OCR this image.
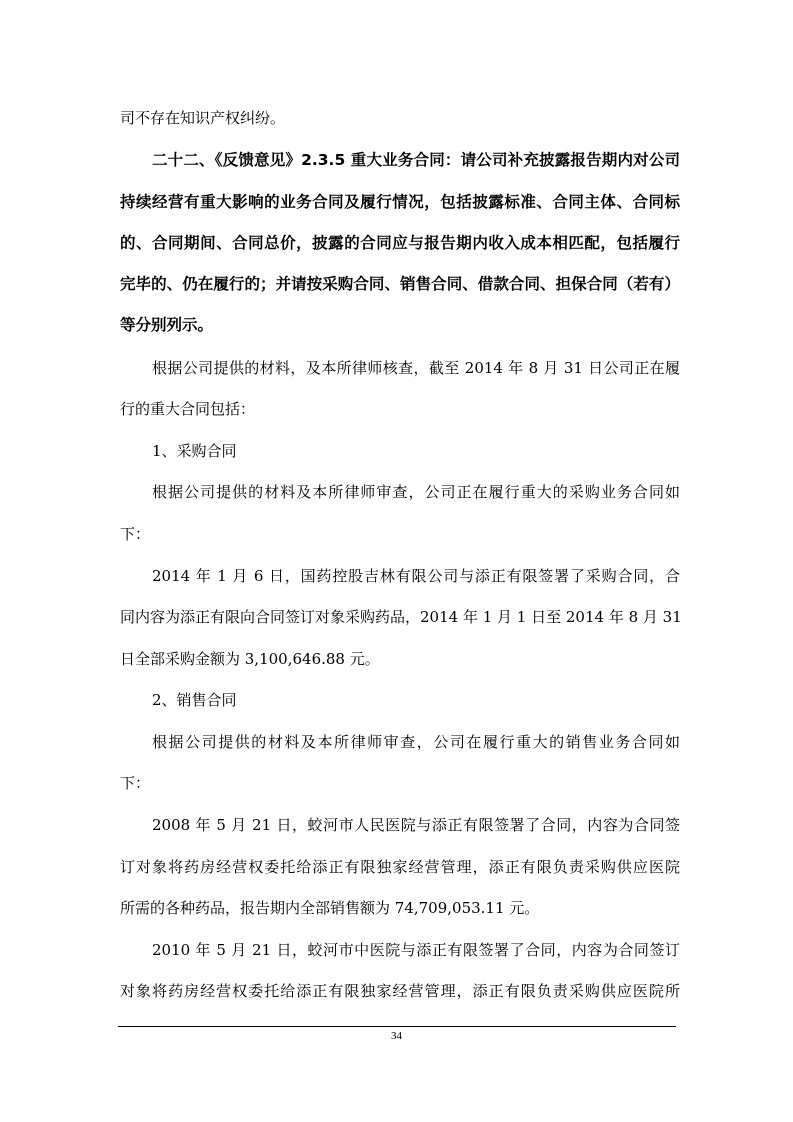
司不存在知识产权纠纷。
二十二、《反馈意见》2.3.5 重大业务合同：请公司补充披露报告期内对公司
持续经营有重大影响的业务合同及履行情况，包括披露标准、合同主体、合同标
的、合同期间、合同总价，披露的合同应与报告期内收入成本相匹配，包括履行
完毕的、仍在履行的；并请按采购合同、销售合同、借款合同、担保合同（若有）
等分别列示。
根据公司提供的材料，及本所律师核查，截至 2014 年 8 月 31 日公司正在履
行的重大合同包括：
1、采购合同
根据公司提供的材料及本所律师审查，公司正在履行重大的采购业务合同如
下：
2014 年 1 月 6 日，国药控股吉林有限公司与添正有限签署了采购合同，合
同内容为添正有限向合同签订对象采购药品，2014 年 1 月 1 日至 2014 年 8 月 31
日全部采购金额为 3,100,646.88 元。
2、销售合同
根据公司提供的材料及本所律师审查，公司在履行重大的销售业务合同如
下：
2008 年 5 月 21 日，蛟河市人民医院与添正有限签署了合同，内容为合同签
订对象将药房经营权委托给添正有限独家经营管理，添正有限负责采购供应医院
所需的各种药品，报告期内全部销售额为 74,709,053.11 元。
2010 年 5 月 21 日，蛟河市中医院与添正有限签署了合同，内容为合同签订
对象将药房经营权委托给添正有限独家经营管理，添正有限负责采购供应医院所
34
